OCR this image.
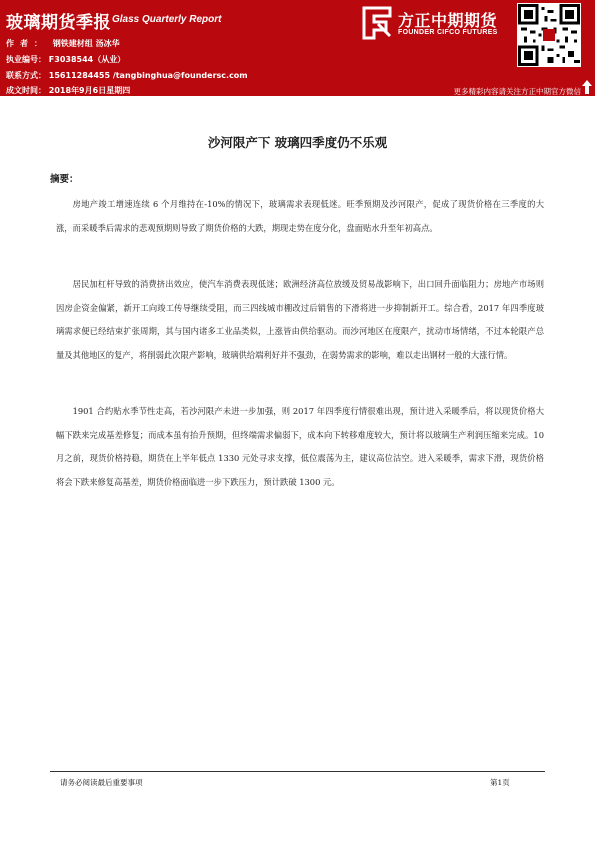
玻璃期货季报 Glass Quarterly Report
作者： 钢铁建材组 汤冰华
执业编号： F3038544（从业）
联系方式： 15611284455 /tangbinghua@foundersc.com
成文时间： 2018年9月6日星期四
方正中期期货
FOUNDER CIFCO FUTURES
更多精彩内容请关注方正中期官方微信
沙河限产下 玻璃四季度仍不乐观
摘要：

房地产竣工增速连续 6 个月维持在-10%的情况下，玻璃需求表现低迷。旺季预期及沙河限产，促成了现货价格在三季度的大涨，而采暖季后需求的悲观预期则导致了期货价格的大跌，期现走势在度分化，盘面贴水升至年初高点。

居民加杠杆导致的消费挤出效应，使汽车消费表现低迷；欧洲经济高位放缓及贸易战影响下，出口回升面临阻力；房地产市场则因房企资金偏紧，新开工向竣工传导继续受阻，而三四线城市棚改过后销售的下滑将进一步抑制新开工。综合看，2017 年四季度玻璃需求便已经结束扩张周期，其与国内诸多工业品类似，上涨皆由供给驱动。而沙河地区在度限产，扰动市场情绪，不过本轮限产总量及其他地区的复产，将削弱此次限产影响，玻璃供给端利好并不强劲，在弱势需求的影响，难以走出钢材一般的大涨行情。

1901 合约贴水季节性走高，若沙河限产未进一步加强，则 2017 年四季度行情很难出现，预计进入采暖季后，将以现货价格大幅下跌来完成基差修复；而成本虽有抬升预期，但终端需求偏弱下，成本向下转移难度较大，预计将以玻璃生产利润压缩来完成。10 月之前，现货价格持稳，期货在上半年低点 1330 元处寻求支撑，低位震荡为主，建议高位沽空。进入采暖季，需求下滑，现货价格将会下跌来修复高基差，期货价格面临进一步下跌压力，预计跌破 1300 元。

请务必阅读最后重要事项	第1页
